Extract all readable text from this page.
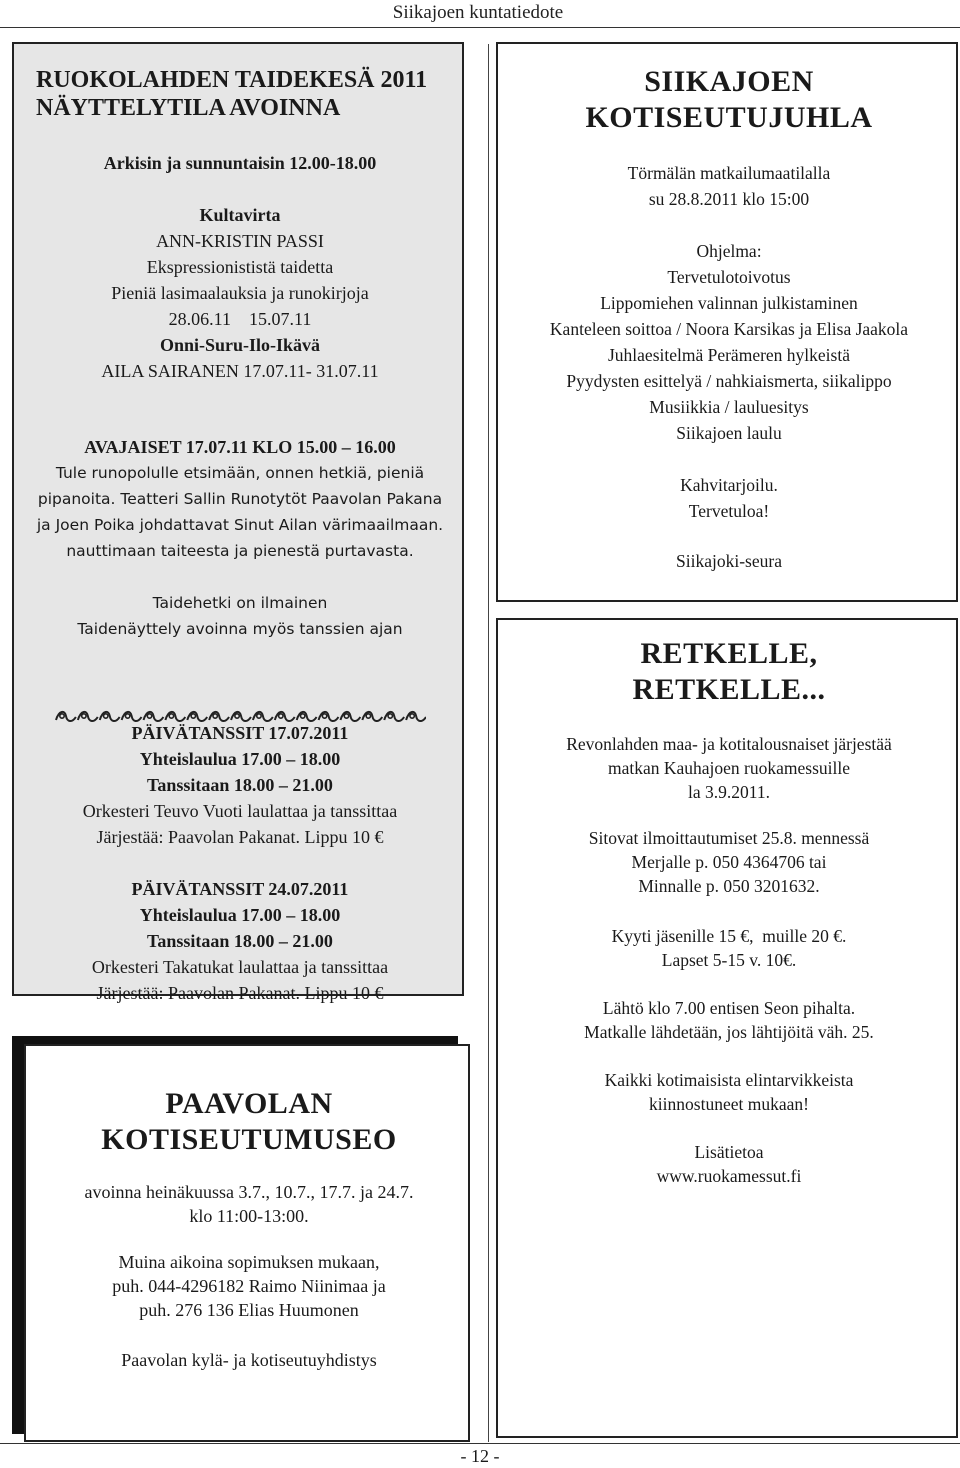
Siikajoen kuntatiedote
- 12 -
RUOKOLAHDEN TAIDEKESÄ 2011
NÄYTTELYTILA AVOINNA
Arkisin ja sunnuntaisin 12.00-18.00
Kultavirta
ANN-KRISTIN PASSI
Ekspressionististä taidetta
Pieniä lasimaalauksia ja runokirjoja
28.06.11    15.07.11
Onni-Suru-Ilo-Ikävä
AILA SAIRANEN 17.07.11- 31.07.11
AVAJAISET 17.07.11 KLO 15.00 – 16.00
Tule runopolulle etsimään, onnen hetkiä, pieniä
pipanoita. Teatteri Sallin Runotytöt Paavolan Pakana
ja Joen Poika johdattavat Sinut Ailan värimaailmaan.
nauttimaan taiteesta ja pienestä purtavasta.
Taidehetki on ilmainen
Taidenäyttely avoinna myös tanssien ajan
PÄIVÄTANSSIT 17.07.2011
Yhteislaulua 17.00 – 18.00
Tanssitaan 18.00 – 21.00
Orkesteri Teuvo Vuoti laulattaa ja tanssittaa
Järjestää: Paavolan Pakanat. Lippu 10 €
PÄIVÄTANSSIT 24.07.2011
Yhteislaulua 17.00 – 18.00
Tanssitaan 18.00 – 21.00
Orkesteri Takatukat laulattaa ja tanssittaa
Järjestää: Paavolan Pakanat. Lippu 10 €
PAAVOLAN
KOTISEUTUMUSEO
avoinna heinäkuussa 3.7., 10.7., 17.7. ja 24.7.
klo 11:00-13:00.
Muina aikoina sopimuksen mukaan,
puh. 044-4296182 Raimo Niinimaa ja
puh. 276 136 Elias Huumonen
Paavolan kylä- ja kotiseutuyhdistys
SIIKAJOEN
KOTISEUTUJUHLA
Törmälän matkailumaatilalla
su 28.8.2011 klo 15:00
Ohjelma:
Tervetulotoivotus
Lippomiehen valinnan julkistaminen
Kanteleen soittoa / Noora Karsikas ja Elisa Jaakola
Juhlaesitelmä Perämeren hylkeistä
Pyydysten esittelyä / nahkiaismerta, siikalippo
Musiikkia / lauluesitys
Siikajoen laulu
Kahvitarjoilu.
Tervetuloa!
Siikajoki-seura
RETKELLE,
RETKELLE...
Revonlahden maa- ja kotitalousnaiset järjestää
matkan Kauhajoen ruokamessuille
la 3.9.2011.
Sitovat ilmoittautumiset 25.8. mennessä
Merjalle p. 050 4364706 tai
Minnalle p. 050 3201632.
Kyyti jäsenille 15 €,  muille 20 €.
Lapset 5-15 v. 10€.
Lähtö klo 7.00 entisen Seon pihalta.
Matkalle lähdetään, jos lähtijöitä väh. 25.
Kaikki kotimaisista elintarvikkeista
kiinnostuneet mukaan!
Lisätietoa
www.ruokamessut.fi
